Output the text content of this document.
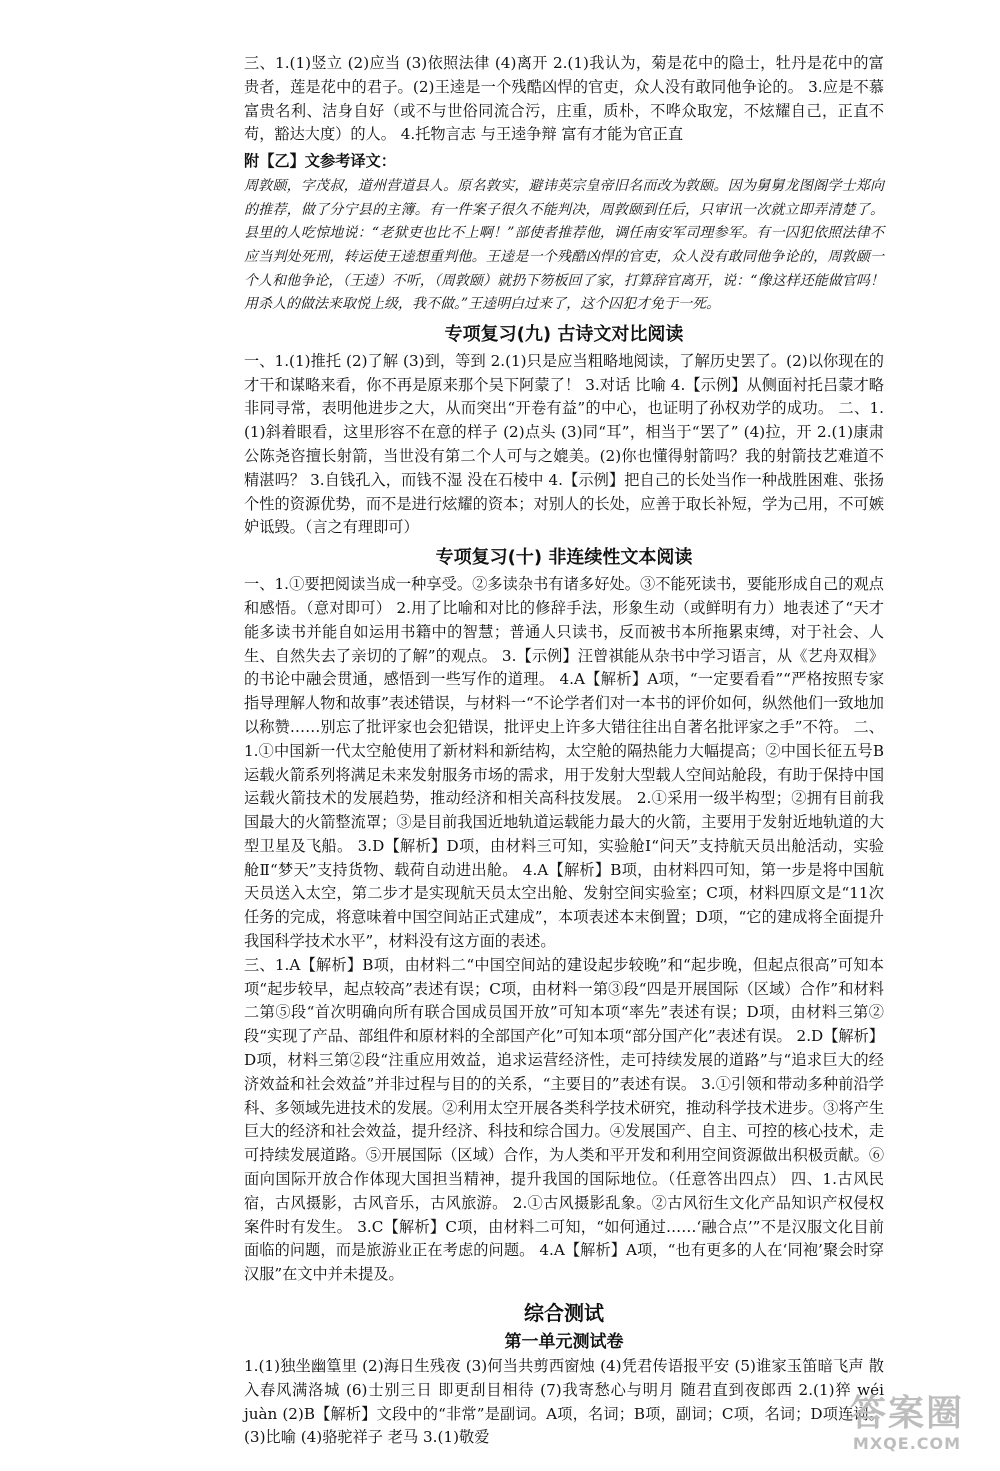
三、1.(1)竖立 (2)应当 (3)依照法律 (4)离开 2.(1)我认为，菊是花中的隐士，牡丹是花中的富贵者，莲是花中的君子。(2)王逵是一个残酷凶悍的官吏，众人没有敢同他争论的。 3.应是不慕富贵名利、洁身自好（或不与世俗同流合污，庄重，质朴，不哗众取宠，不炫耀自己，正直不苟，豁达大度）的人。 4.托物言志 与王逵争辩 富有才能为官正直

附【乙】文参考译文：

周敦颐，字茂叔，道州营道县人。原名敦实，避讳英宗皇帝旧名而改为敦颐。因为舅舅龙图阁学士郑向的推荐，做了分宁县的主簿。有一件案子很久不能判决，周敦颐到任后，只审讯一次就立即弄清楚了。县里的人吃惊地说：“老狱吏也比不上啊！”部使者推荐他，调任南安军司理参军。有一囚犯依照法律不应当判处死刑，转运使王逵想重判他。王逵是一个残酷凶悍的官吏，众人没有敢同他争论的，周敦颐一个人和他争论，（王逵）不听，（周敦颐）就扔下笏板回了家，打算辞官离开，说：“像这样还能做官吗！用杀人的做法来取悦上级，我不做。”王逵明白过来了，这个囚犯才免于一死。

专项复习(九) 古诗文对比阅读

一、1.(1)推托 (2)了解 (3)到，等到 2.(1)只是应当粗略地阅读，了解历史罢了。(2)以你现在的才干和谋略来看，你不再是原来那个吴下阿蒙了！ 3.对话 比喻 4.【示例】从侧面衬托吕蒙才略非同寻常，表明他进步之大，从而突出“开卷有益”的中心，也证明了孙权劝学的成功。 二、1.(1)斜着眼看，这里形容不在意的样子 (2)点头 (3)同“耳”，相当于“罢了” (4)拉，开 2.(1)康肃公陈尧咨擅长射箭，当世没有第二个人可与之媲美。(2)你也懂得射箭吗？我的射箭技艺难道不精湛吗？ 3.自钱孔入，而钱不湿 没在石棱中 4.【示例】把自己的长处当作一种战胜困难、张扬个性的资源优势，而不是进行炫耀的资本；对别人的长处，应善于取长补短，学为己用，不可嫉妒诋毁。（言之有理即可）

专项复习(十) 非连续性文本阅读

一、1.①要把阅读当成一种享受。②多读杂书有诸多好处。③不能死读书，要能形成自己的观点和感悟。（意对即可） 2.用了比喻和对比的修辞手法，形象生动（或鲜明有力）地表述了“天才能多读书并能自如运用书籍中的智慧；普通人只读书，反而被书本所拖累束缚，对于社会、人生、自然失去了亲切的了解”的观点。 3.【示例】汪曾祺能从杂书中学习语言，从《艺舟双楫》的书论中融会贯通，感悟到一些写作的道理。 4.A【解析】A项，“一定要看看”“严格按照专家指导理解人物和故事”表述错误，与材料一“不论学者们对一本书的评价如何，纵然他们一致地加以称赞……别忘了批评家也会犯错误，批评史上许多大错往往出自著名批评家之手”不符。 二、1.①中国新一代太空舱使用了新材料和新结构，太空舱的隔热能力大幅提高；②中国长征五号B运载火箭系列将满足未来发射服务市场的需求，用于发射大型载人空间站舱段，有助于保持中国运载火箭技术的发展趋势，推动经济和相关高科技发展。 2.①采用一级半构型；②拥有目前我国最大的火箭整流罩；③是目前我国近地轨道运载能力最大的火箭，主要用于发射近地轨道的大型卫星及飞船。 3.D【解析】D项，由材料三可知，实验舱Ⅰ“问天”支持航天员出舱活动，实验舱Ⅱ“梦天”支持货物、载荷自动进出舱。 4.A【解析】B项，由材料四可知，第一步是将中国航天员送入太空，第二步才是实现航天员太空出舱、发射空间实验室；C项，材料四原文是“11次任务的完成，将意味着中国空间站正式建成”，本项表述本末倒置；D项，“它的建成将全面提升我国科学技术水平”，材料没有这方面的表述。

三、1.A【解析】B项，由材料二“中国空间站的建设起步较晚”和“起步晚，但起点很高”可知本项“起步较早，起点较高”表述有误；C项，由材料一第③段“四是开展国际（区域）合作”和材料二第⑤段“首次明确向所有联合国成员国开放”可知本项“率先”表述有误；D项，由材料三第②段“实现了产品、部组件和原材料的全部国产化”可知本项“部分国产化”表述有误。 2.D【解析】D项，材料三第②段“注重应用效益，追求运营经济性，走可持续发展的道路”与“追求巨大的经济效益和社会效益”并非过程与目的的关系，“主要目的”表述有误。 3.①引领和带动多种前沿学科、多领域先进技术的发展。②利用太空开展各类科学技术研究，推动科学技术进步。③将产生巨大的经济和社会效益，提升经济、科技和综合国力。④发展国产、自主、可控的核心技术，走可持续发展道路。⑤开展国际（区域）合作，为人类和平开发和利用空间资源做出积极贡献。⑥面向国际开放合作体现大国担当精神，提升我国的国际地位。（任意答出四点） 四、1.古风民宿，古风摄影，古风音乐，古风旅游。 2.①古风摄影乱象。②古风衍生文化产品知识产权侵权案件时有发生。 3.C【解析】C项，由材料二可知，“如何通过……‘融合点’”不是汉服文化目前面临的问题，而是旅游业正在考虑的问题。 4.A【解析】A项，“也有更多的人在‘同袍’聚会时穿汉服”在文中并未提及。

综合测试
第一单元测试卷

1.(1)独坐幽篁里 (2)海日生残夜 (3)何当共剪西窗烛 (4)凭君传语报平安 (5)谁家玉笛暗飞声 散入春风满洛城 (6)士别三日 即更刮目相待 (7)我寄愁心与明月 随君直到夜郎西 2.(1)猝 wéi juàn (2)B【解析】文段中的“非常”是副词。A项，名词；B项，副词；C项，名词；D项连词。(3)比喻 (4)骆驼祥子 老马 3.(1)敬爱

答案圈
MXQE.COM
